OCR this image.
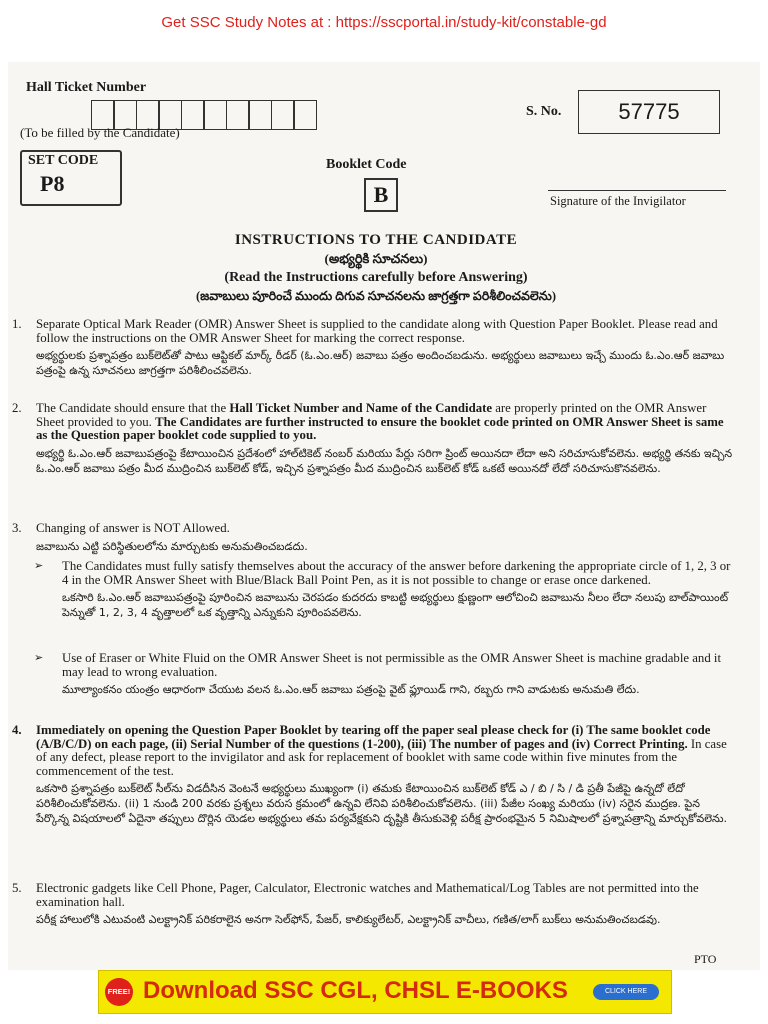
Get SSC Study Notes at : https://sscportal.in/study-kit/constable-gd
Hall Ticket Number
(To be filled by the Candidate)
S. No.	57775
SET CODE
P8
Booklet Code
B	Signature of the Invigilator
INSTRUCTIONS TO THE CANDIDATE
(అభ్యర్థికి సూచనలు)
(Read the Instructions carefully before Answering)
(జవాబులు పూరించే ముందు దిగువ సూచనలను జాగ్రత్తగా పరిశీలించవలెను)
1. Separate Optical Mark Reader (OMR) Answer Sheet is supplied to the candidate along with Question Paper Booklet. Please read and follow the instructions on the OMR Answer Sheet for marking the correct response.
అభ్యర్థులకు ప్రశ్నాపత్రం బుక్‌లెట్‌తో పాటు ఆప్టికల్ మార్క్ రీడర్ (ఓ.ఎం.ఆర్) జవాబు పత్రం అందించబడును. అభ్యర్థులు జవాబులు ఇచ్చే ముందు ఓ.ఎం.ఆర్ జవాబు పత్రంపై ఉన్న సూచనలు జాగ్రత్తగా పరిశీలించవలెను.
2. The Candidate should ensure that the Hall Ticket Number and Name of the Candidate are properly printed on the OMR Answer Sheet provided to you. The Candidates are further instructed to ensure the booklet code printed on OMR Answer Sheet is same as the Question paper booklet code supplied to you.
అభ్యర్థి ఓ.ఎం.ఆర్ జవాబుపత్రంపై కేటాయించిన ప్రదేశంలో హాల్‌టికెట్ నంబర్ మరియు పేర్లు సరిగా ప్రింట్ అయినదా లేదా అని సరిచూసుకోవలెను. అభ్యర్థి తనకు ఇచ్చిన ఓ.ఎం.ఆర్ జవాబు పత్రం మీద ముద్రించిన బుక్‌లెట్ కోడ్, ఇచ్చిన ప్రశ్నాపత్రం మీద ముద్రించిన బుక్‌లెట్ కోడ్ ఒకటే అయినదో లేదో సరిచూసుకొనవలెను.
3. Changing of answer is NOT Allowed.
జవాబును ఎట్టి పరిస్థితులలోను మార్చుటకు అనుమతించబడదు.
➢ The Candidates must fully satisfy themselves about the accuracy of the answer before darkening the appropriate circle of 1, 2, 3 or 4 in the OMR Answer Sheet with Blue/Black Ball Point Pen, as it is not possible to change or erase once darkened.
ఒకసారి ఓ.ఎం.ఆర్ జవాబుపత్రంపై పూరించిన జవాబును చెరపడం కుదరదు కాబట్టి అభ్యర్థులు క్షుణ్ణంగా ఆలోచించి జవాబును నీలం లేదా నలుపు బాల్‌పాయింట్ పెన్నుతో 1, 2, 3, 4 వృత్తాలలో ఒక వృత్తాన్ని ఎన్నుకుని పూరింపవలెను.
➢ Use of Eraser or White Fluid on the OMR Answer Sheet is not permissible as the OMR Answer Sheet is machine gradable and it may lead to wrong evaluation.
మూల్యాంకనం యంత్రం ఆధారంగా చేయుట వలన ఓ.ఎం.ఆర్ జవాబు పత్రంపై వైట్ ఫ్లూయిడ్ గాని, రబ్బరు గాని వాడుటకు అనుమతి లేదు.
4. Immediately on opening the Question Paper Booklet by tearing off the paper seal please check for (i) The same booklet code (A/B/C/D) on each page, (ii) Serial Number of the questions (1-200), (iii) The number of pages and (iv) Correct Printing. In case of any defect, please report to the invigilator and ask for replacement of booklet with same code within five minutes from the commencement of the test.
ఒకసారి ప్రశ్నాపత్రం బుక్‌లెట్ సీల్‌ను విడదీసిన వెంటనే అభ్యర్థులు ముఖ్యంగా (i) తమకు కేటాయించిన బుక్‌లెట్ కోడ్ ఎ / బి / సి / డి ప్రతీ పేజీపై ఉన్నదో లేదో పరిశీలించుకోవలెను. (ii) 1 నుండి 200 వరకు ప్రశ్నలు వరుస క్రమంలో ఉన్నవి లేనివి పరిశీలించుకోవలెను. (iii) పేజీల సంఖ్య మరియు (iv) సరైన ముద్రణ. పైన పేర్కొన్న విషయాలలో ఏదైనా తప్పులు దొర్లిన యెడల అభ్యర్థులు తమ పర్యవేక్షకుని దృష్టికి తీసుకువెళ్లి పరీక్ష ప్రారంభమైన 5 నిమిషాలలో ప్రశ్నాపత్రాన్ని మార్చుకోవలెను.
5. Electronic gadgets like Cell Phone, Pager, Calculator, Electronic watches and Mathematical/Log Tables are not permitted into the examination hall.
పరీక్ష హాలులోకి ఎటువంటి ఎలక్ట్రానిక్ పరికరాలైన అనగా సెల్‌ఫోన్, పేజర్, కాలిక్యులేటర్, ఎలక్ట్రానిక్ వాచీలు, గణిత/లాగ్ బుక్‌లు అనుమతించబడవు.
PTO
FREE! Download SSC CGL, CHSL E-BOOKS	CLICK HERE
